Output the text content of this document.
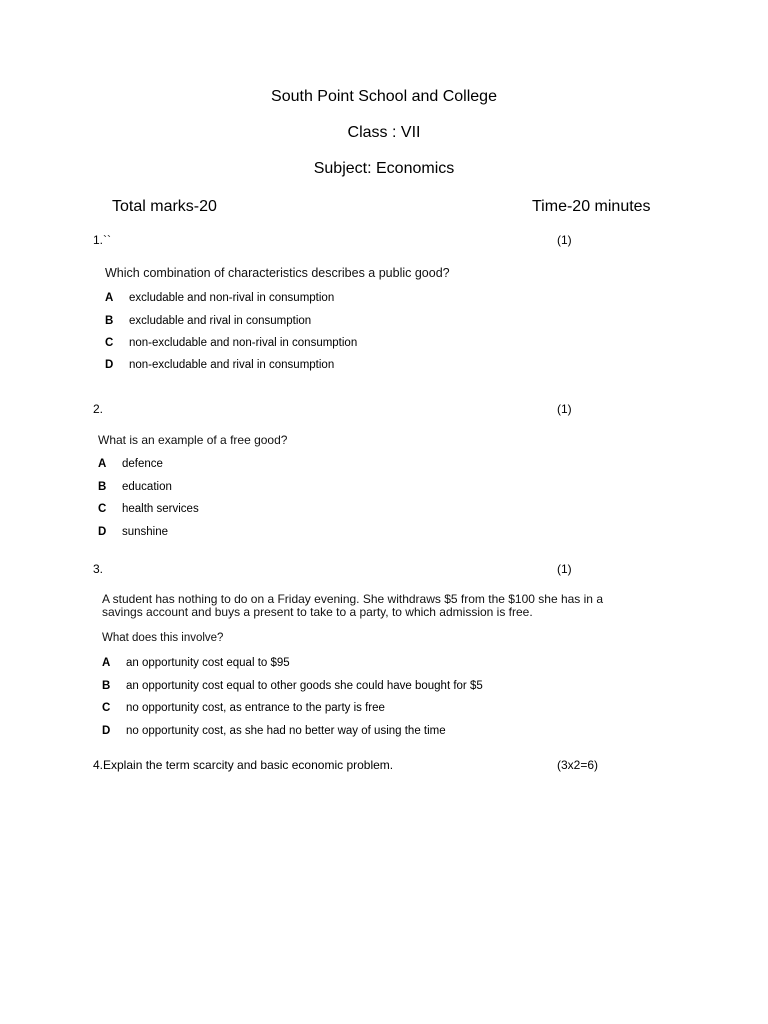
South Point School and College
Class : VII
Subject: Economics
Total marks-20	Time-20 minutes
1.``	(1)
Which combination of characteristics describes a public good?
A excludable and non-rival in consumption
B excludable and rival in consumption
C non-excludable and non-rival in consumption
D non-excludable and rival in consumption
2.	(1)
What is an example of a free good?
A defence
B education
C health services
D sunshine
3.	(1)
A student has nothing to do on a Friday evening. She withdraws $5 from the $100 she has in a
savings account and buys a present to take to a party, to which admission is free.
What does this involve?
A an opportunity cost equal to $95
B an opportunity cost equal to other goods she could have bought for $5
C no opportunity cost, as entrance to the party is free
D no opportunity cost, as she had no better way of using the time
4.Explain the term scarcity and basic economic problem.	(3x2=6)
